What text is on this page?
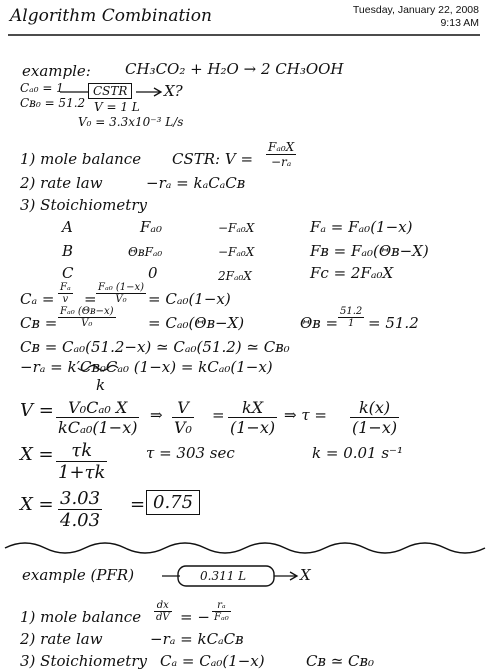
Algorithm Combination	Tuesday, January 22, 2008
9:13 AM
example: CH₃CO₂ + H₂O → 2 CH₃OOH
Cₐ₀ = 1
Cʙ₀ = 51.2
CSTR
V = 1 L
X?
V₀ = 3.3x10⁻³ L/s
1) mole balance CSTR: $V = \frac{\text{Fₐ₀X}}{\text{−rₐ}}$
2) rate law	−rₐ = kₐCₐCʙ
3) Stoichiometry
A	Fₐ₀	−Fₐ₀X	Fₐ = Fₐ₀(1−x)
B	ΘʙFₐ₀	−Fₐ₀X	Fʙ = Fₐ₀(Θʙ−X)
C	0	2Fₐ₀X	Fc = 2Fₐ₀X
$C_a = \frac{\text{Fₐ}}{v} = \frac{\text{Fₐ₀ (1−x)}}{\text{V₀}} = C_{a0}(1-x)$
Cʙ = $\frac{\text{Fₐ₀ (Θʙ−x)}}{\text{V₀}}$ = Cₐ₀(Θʙ−X)	Θʙ = $\frac{51.2}{1} = 51.2$
Cʙ = Cₐ₀(51.2−x) ≃ Cₐ₀(51.2) ≃ Cʙ₀
−rₐ = k′Cʙ₀Cₐ₀ (1−x) = kCₐ₀(1−x)
k
V = V₀Cₐ₀ X
kCₐ₀(1−x)
⇒ $\frac{V}{\text{V₀}} = \frac{kX}{(1-x)}$ ⇒ $\tau = \frac{k(x)}{(1-x)}$
$X = \frac{\tau k}{1+\tau k}$	τ = 303 sec	k = 0.01 s⁻¹
$X = \frac{3.03}{4.03} = 0.75$
example (PFR)	0.311 L	X
1) mole balance $\frac{dx}{dV}$ = − $\frac{\text{rₐ}}{\text{Fₐ₀}}$
2) rate law	−rₐ = kCₐCʙ
3) Stoichiometry Cₐ = Cₐ₀(1−x)	Cʙ ≃ Cʙ₀
